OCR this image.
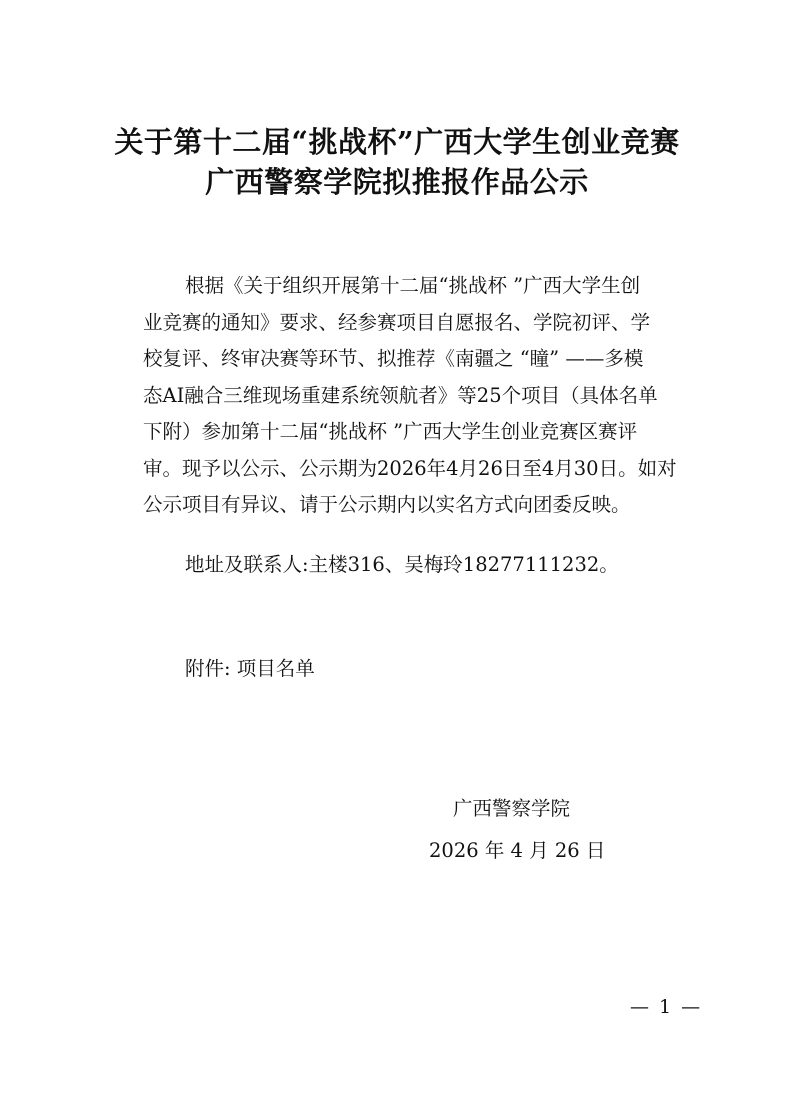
关于第十二届“挑战杯”广西大学生创业竞赛
广西警察学院拟推报作品公示
根据《关于组织开展第十二届“挑战杯 ”广西大学生创
业竞赛的通知》要求、经参赛项目自愿报名、学院初评、学
校复评、终审决赛等环节、拟推荐《南疆之 “瞳” ——多模
态AI融合三维现场重建系统领航者》等25个项目（具体名单
下附）参加第十二届“挑战杯 ”广西大学生创业竞赛区赛评
审。现予以公示、公示期为2026年4月26日至4月30日。如对
公示项目有异议、请于公示期内以实名方式向团委反映。
地址及联系人:主楼316、吴梅玲18277111232。
附件: 项目名单
广西警察学院
2026 年 4 月 26 日
— 1 —
